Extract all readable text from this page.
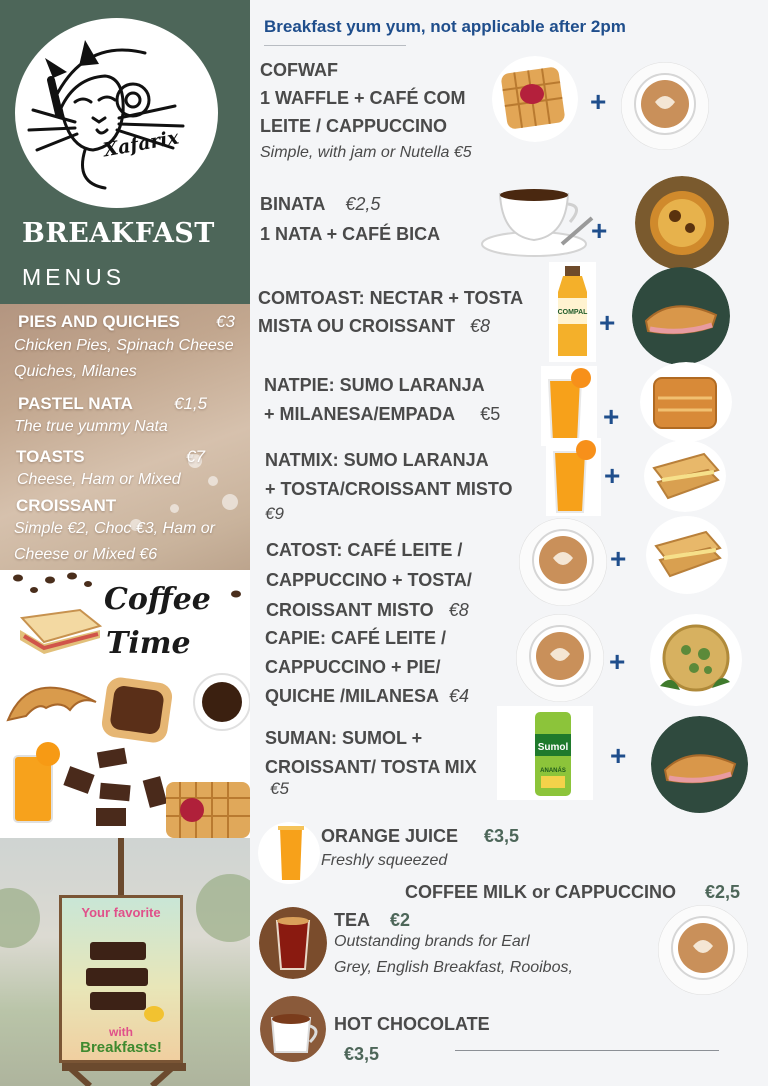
Xafarix
BREAKFAST
MENUS
PIES AND QUICHES €3
Chicken Pies, Spinach Cheese Quiches, Milanes
PASTEL NATA €1,5
The true yummy Nata
TOASTS	€7
Cheese, Ham or Mixed
CROISSANT
Simple €2, Choc €3, Ham or Cheese or Mixed €6
Coffee
Time
Your favorite
with
Breakfasts!
Breakfast yum yum, not applicable after 2pm
COFWAF
1 WAFFLE + CAFÉ COM
LEITE / CAPPUCCINO
Simple, with jam or Nutella €5
+
BINATA €2,5
1 NATA + CAFÉ BICA	+
COMTOAST: NECTAR + TOSTA
MISTA OU CROISSANT €8
COMPAL +
NATPIE: SUMO LARANJA
+ MILANESA/EMPADA €5	+
NATMIX: SUMO LARANJA
+ TOSTA/CROISSANT MISTO
€9
+
CATOST: CAFÉ LEITE /
CAPPUCCINO + TOSTA/
CROISSANT MISTO €8
+
CAPIE: CAFÉ LEITE /
CAPPUCCINO + PIE/
QUICHE /MILANESA €4
+
SUMAN: SUMOL +
CROISSANT/ TOSTA MIX
€5
Sumol
ANANÁS +
ORANGE JUICE €3,5
Freshly squeezed
COFFEE MILK or CAPPUCCINO €2,5
TEA €2
Outstanding brands for Earl
Grey, English Breakfast, Rooibos,
HOT CHOCOLATE
€3,5
